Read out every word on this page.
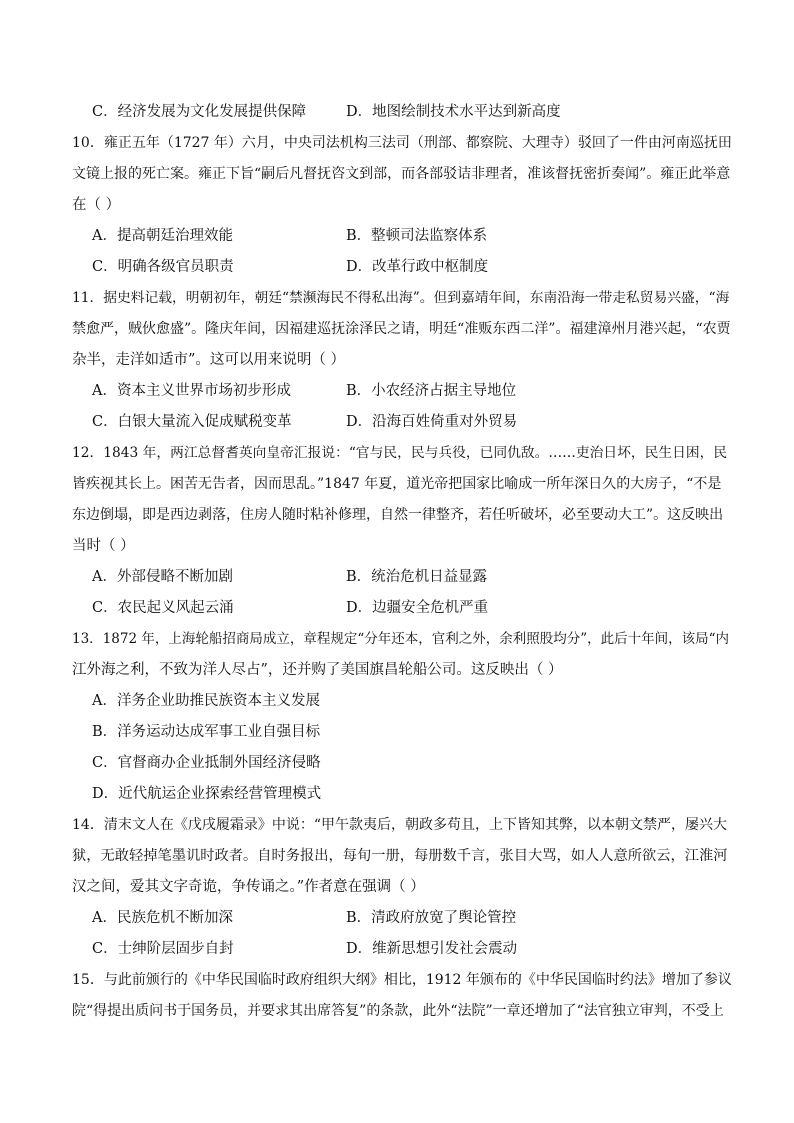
C．经济发展为文化发展提供保障	D．地图绘制技术水平达到新高度
10．雍正五年（1727 年）六月，中央司法机构三法司（刑部、都察院、大理寺）驳回了一件由河南巡抚田
文镜上报的死亡案。雍正下旨“嗣后凡督抚咨文到部，而各部驳诘非理者，准该督抚密折奏闻”。雍正此举意
在（ ）
A．提高朝廷治理效能	B．整顿司法监察体系
C．明确各级官员职责	D．改革行政中枢制度
11．据史料记载，明朝初年，朝廷“禁濒海民不得私出海”。但到嘉靖年间，东南沿海一带走私贸易兴盛，“海
禁愈严，贼伙愈盛”。隆庆年间，因福建巡抚涂泽民之请，明廷“准贩东西二洋”。福建漳州月港兴起，“农贾
杂半，走洋如适市”。这可以用来说明（ ）
A．资本主义世界市场初步形成	B．小农经济占据主导地位
C．白银大量流入促成赋税变革	D．沿海百姓倚重对外贸易
12．1843 年，两江总督耆英向皇帝汇报说：“官与民，民与兵役，已同仇敌。……吏治日坏，民生日困，民
皆疾视其长上。困苦无告者，因而思乱。”1847 年夏，道光帝把国家比喻成一所年深日久的大房子，“不是
东边倒塌，即是西边剥落，住房人随时粘补修理，自然一律整齐，若任听破坏，必至要动大工”。这反映出
当时（ ）
A．外部侵略不断加剧	B．统治危机日益显露
C．农民起义风起云涌	D．边疆安全危机严重
13．1872 年，上海轮船招商局成立，章程规定“分年还本，官利之外，余利照股均分”，此后十年间，该局“内
江外海之利，不致为洋人尽占”，还并购了美国旗昌轮船公司。这反映出（ ）
A．洋务企业助推民族资本主义发展
B．洋务运动达成军事工业自强目标
C．官督商办企业抵制外国经济侵略
D．近代航运企业探索经营管理模式
14．清末文人在《戊戌履霜录》中说：“甲午款夷后，朝政多苟且，上下皆知其弊，以本朝文禁严，屡兴大
狱，无敢轻掉笔墨讥时政者。自时务报出，每旬一册，每册数千言，张目大骂，如人人意所欲云，江淮河
汉之间，爱其文字奇诡，争传诵之。”作者意在强调（ ）
A．民族危机不断加深	B．清政府放宽了舆论管控
C．士绅阶层固步自封	D．维新思想引发社会震动
15．与此前颁行的《中华民国临时政府组织大纲》相比，1912 年颁布的《中华民国临时约法》增加了参议
院“得提出质问书于国务员，并要求其出席答复”的条款，此外“法院”一章还增加了“法官独立审判，不受上
